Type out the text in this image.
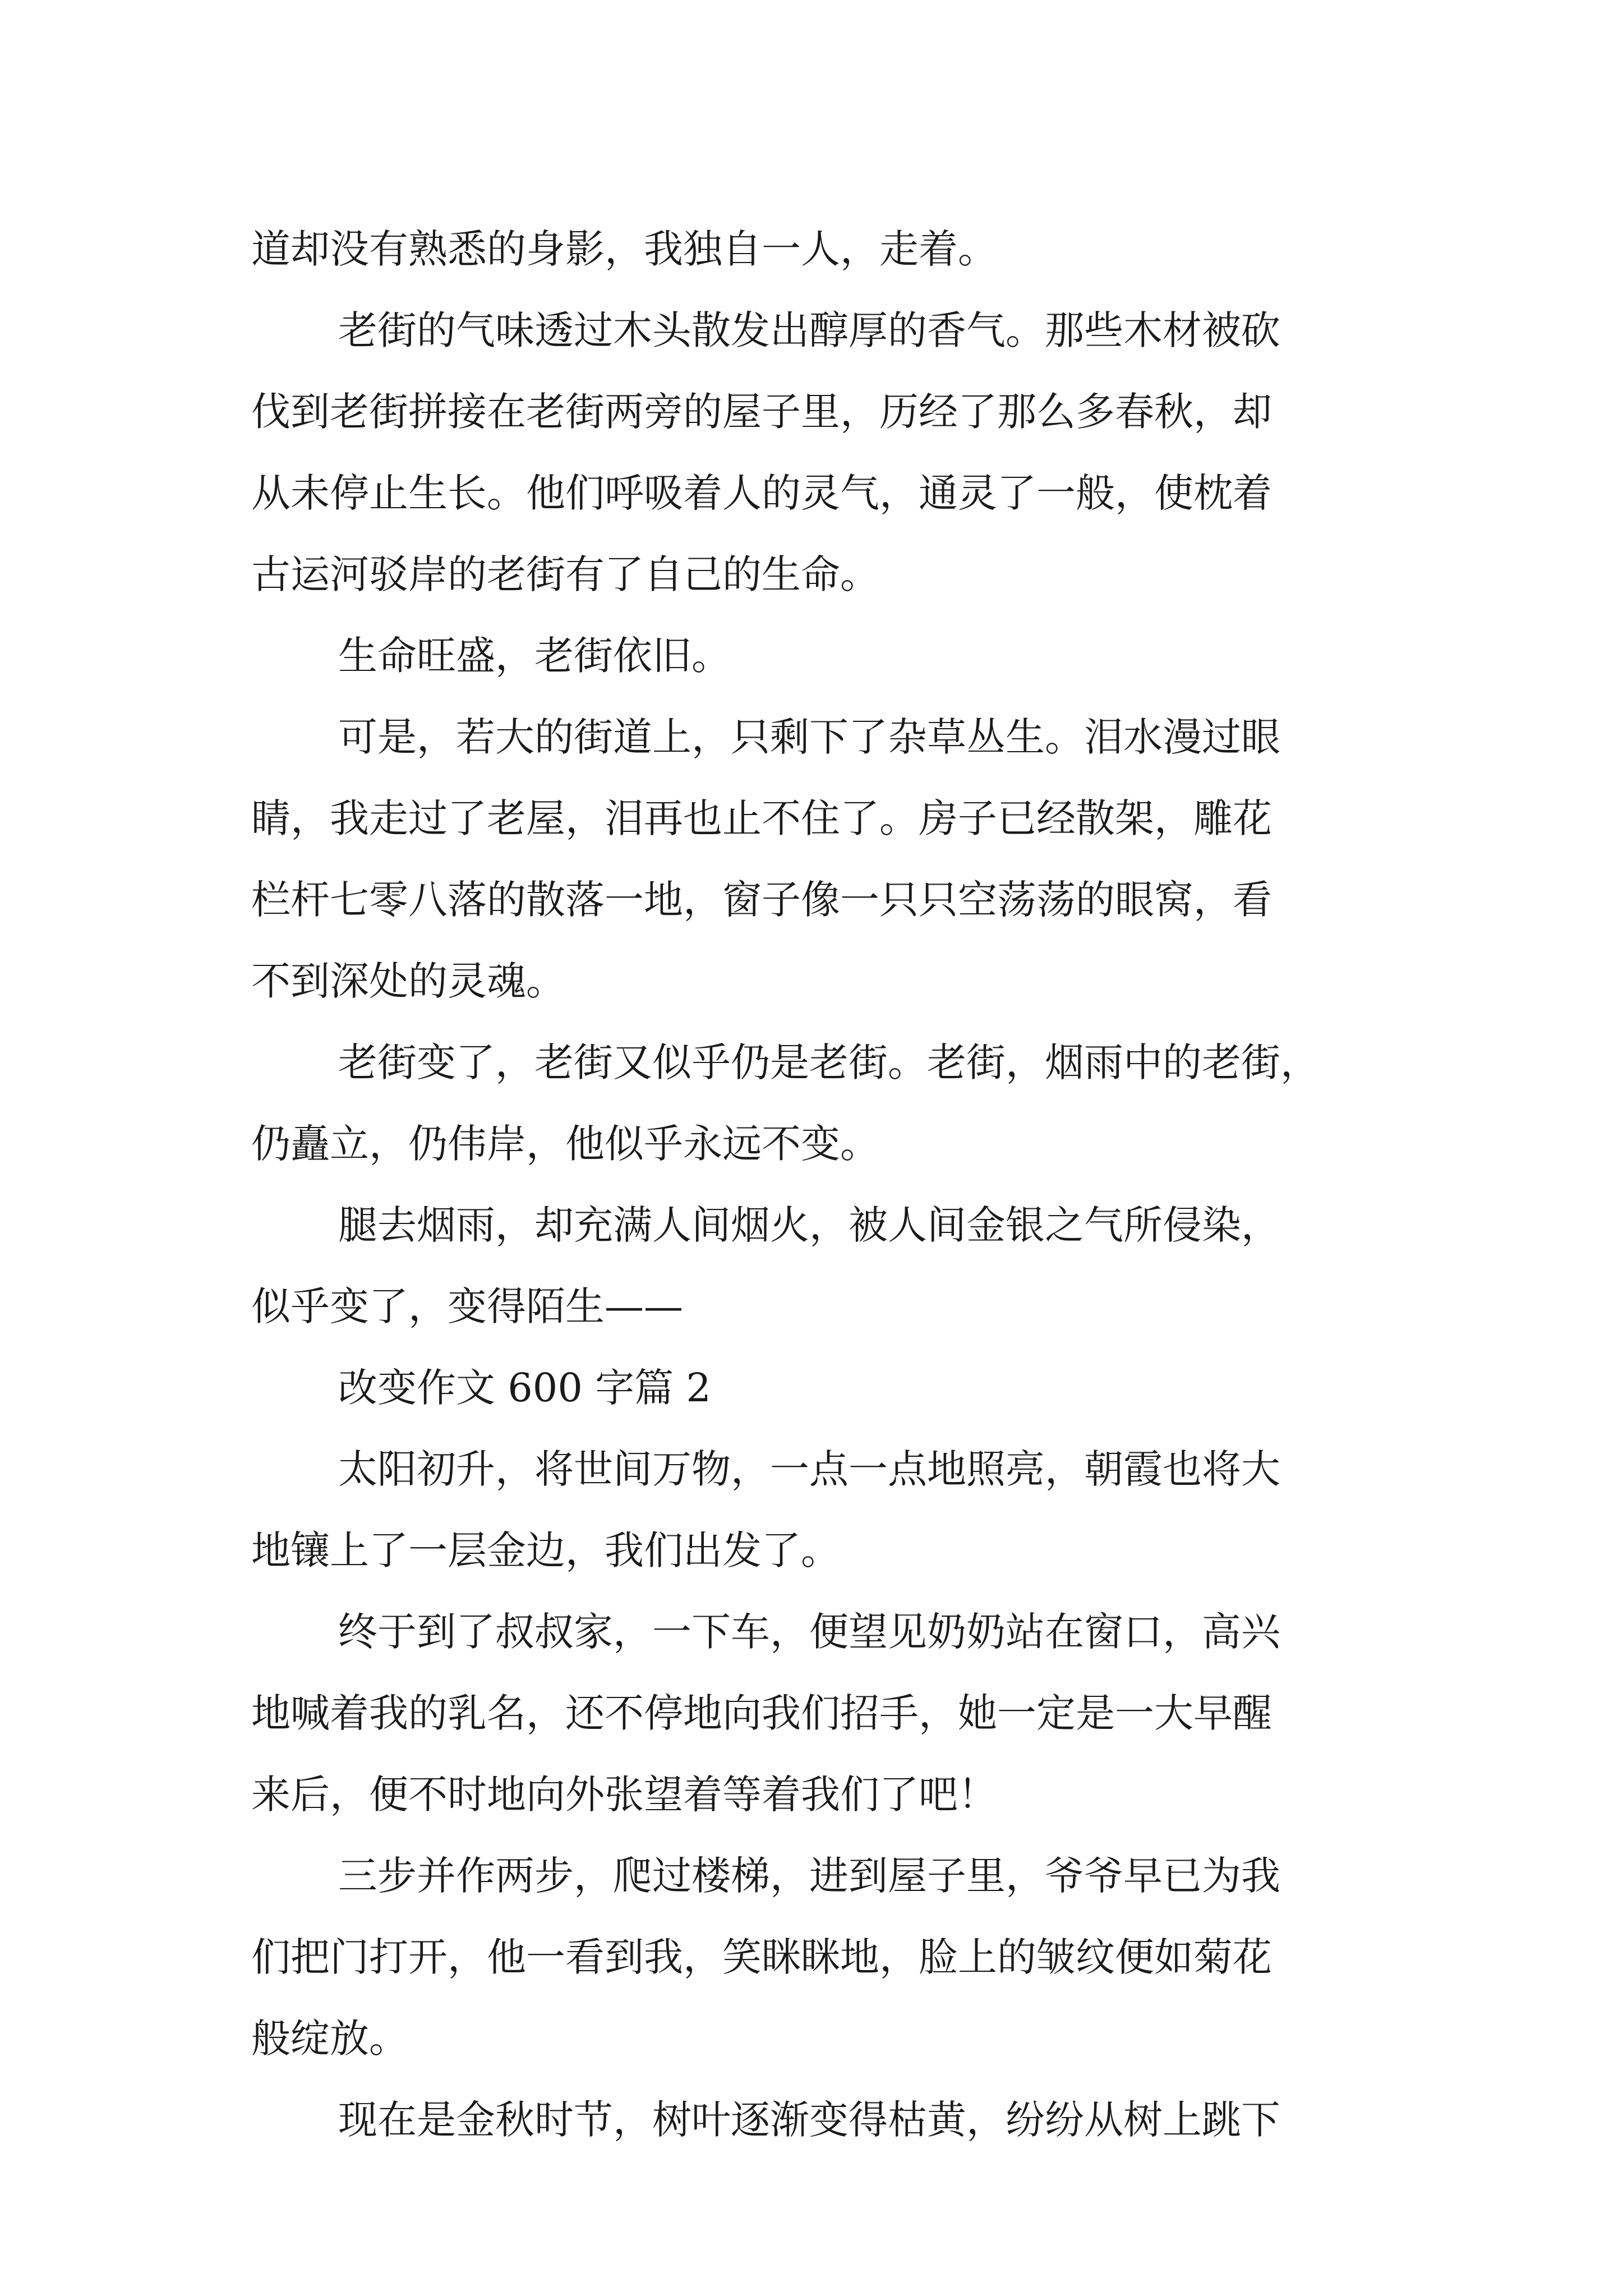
道却没有熟悉的身影，我独自一人，走着。
老街的气味透过木头散发出醇厚的香气。那些木材被砍
伐到老街拼接在老街两旁的屋子里，历经了那么多春秋，却
从未停止生长。他们呼吸着人的灵气，通灵了一般，使枕着
古运河驳岸的老街有了自己的生命。
生命旺盛，老街依旧。
可是，若大的街道上，只剩下了杂草丛生。泪水漫过眼
睛，我走过了老屋，泪再也止不住了。房子已经散架，雕花
栏杆七零八落的散落一地，窗子像一只只空荡荡的眼窝，看
不到深处的灵魂。
老街变了，老街又似乎仍是老街。老街，烟雨中的老街，
仍矗立，仍伟岸，他似乎永远不变。
腿去烟雨，却充满人间烟火，被人间金银之气所侵染，
似乎变了，变得陌生——
改变作文 600 字篇 2
太阳初升，将世间万物，一点一点地照亮，朝霞也将大
地镶上了一层金边，我们出发了。
终于到了叔叔家，一下车，便望见奶奶站在窗口，高兴
地喊着我的乳名，还不停地向我们招手，她一定是一大早醒
来后，便不时地向外张望着等着我们了吧！
三步并作两步，爬过楼梯，进到屋子里，爷爷早已为我
们把门打开，他一看到我，笑眯眯地，脸上的皱纹便如菊花
般绽放。
现在是金秋时节，树叶逐渐变得枯黄，纷纷从树上跳下
